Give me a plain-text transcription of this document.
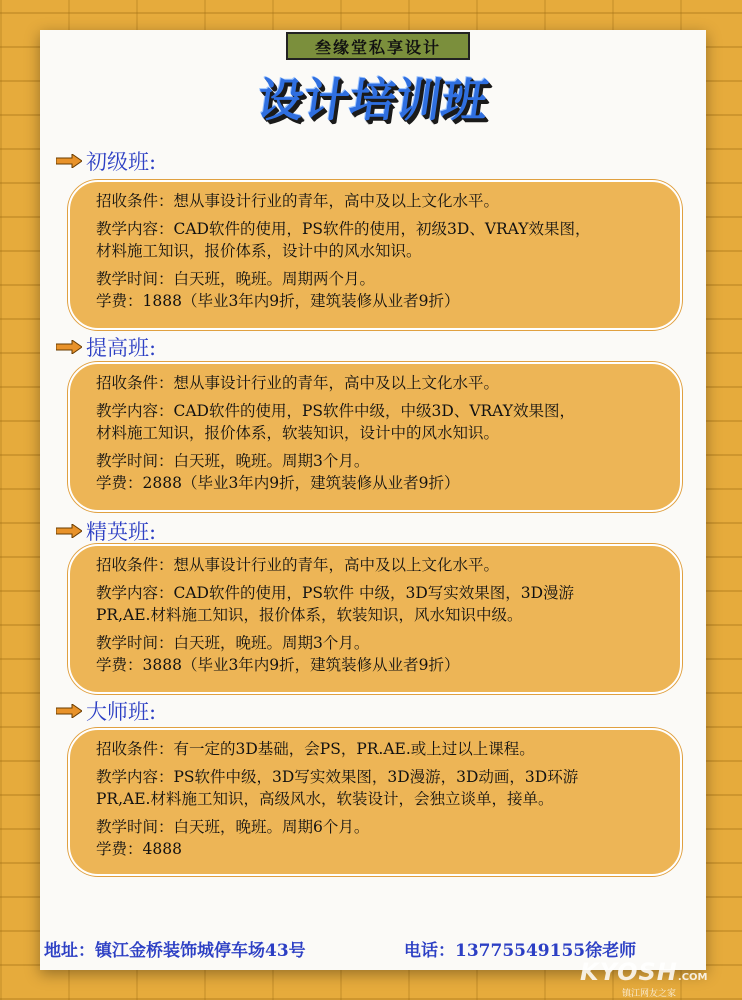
叁缘堂私享设计
设计培训班
初级班:
招收条件：想从事设计行业的青年，高中及以上文化水平。
教学内容：CAD软件的使用，PS软件的使用，初级3D、VRAY效果图，
材料施工知识，报价体系，设计中的风水知识。
教学时间：白天班，晚班。周期两个月。
学费：1888（毕业3年内9折，建筑装修从业者9折）
提高班:
招收条件：想从事设计行业的青年，高中及以上文化水平。
教学内容：CAD软件的使用，PS软件中级，中级3D、VRAY效果图，
材料施工知识，报价体系，软装知识，设计中的风水知识。
教学时间：白天班，晚班。周期3个月。
学费：2888（毕业3年内9折，建筑装修从业者9折）
精英班:
招收条件：想从事设计行业的青年，高中及以上文化水平。
教学内容：CAD软件的使用，PS软件 中级，3D写实效果图，3D漫游
PR,AE.材料施工知识，报价体系，软装知识，风水知识中级。
教学时间：白天班，晚班。周期3个月。
学费：3888（毕业3年内9折，建筑装修从业者9折）
大师班:
招收条件：有一定的3D基础，会PS，PR.AE.或上过以上课程。
教学内容：PS软件中级，3D写实效果图，3D漫游，3D动画，3D环游
PR,AE.材料施工知识，高级风水，软装设计，会独立谈单，接单。
教学时间：白天班，晚班。周期6个月。
学费：4888
地址：镇江金桥装饰城停车场43号	电话：13775549155徐老师
KYOSH.COM
镇江网友之家
